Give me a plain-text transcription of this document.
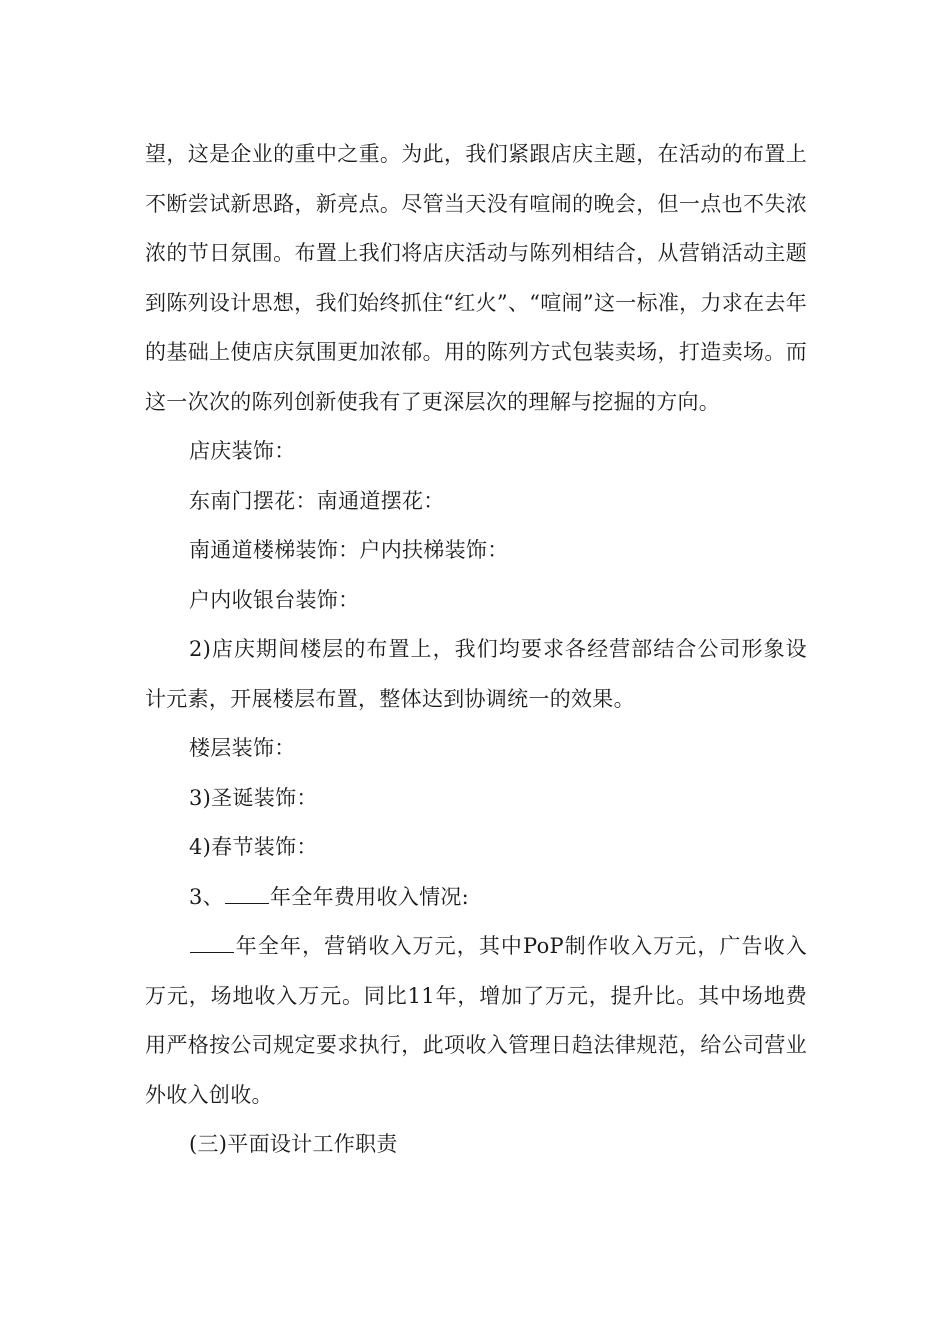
望，这是企业的重中之重。为此，我们紧跟店庆主题，在活动的布置上不断尝试新思路，新亮点。尽管当天没有喧闹的晚会，但一点也不失浓浓的节日氛围。布置上我们将店庆活动与陈列相结合，从营销活动主题到陈列设计思想，我们始终抓住“红火”、“喧闹”这一标准，力求在去年的基础上使店庆氛围更加浓郁。用的陈列方式包装卖场，打造卖场。而这一次次的陈列创新使我有了更深层次的理解与挖掘的方向。

店庆装饰：

东南门摆花：南通道摆花：

南通道楼梯装饰：户内扶梯装饰：

户内收银台装饰：

2)店庆期间楼层的布置上，我们均要求各经营部结合公司形象设计元素，开展楼层布置，整体达到协调统一的效果。

楼层装饰：

3)圣诞装饰：

4)春节装饰：

3、 年全年费用收入情况:

年全年，营销收入万元，其中PoP制作收入万元，广告收入万元，场地收入万元。同比11年，增加了万元，提升比。其中场地费用严格按公司规定要求执行，此项收入管理日趋法律规范，给公司营业外收入创收。

(三)平面设计工作职责
